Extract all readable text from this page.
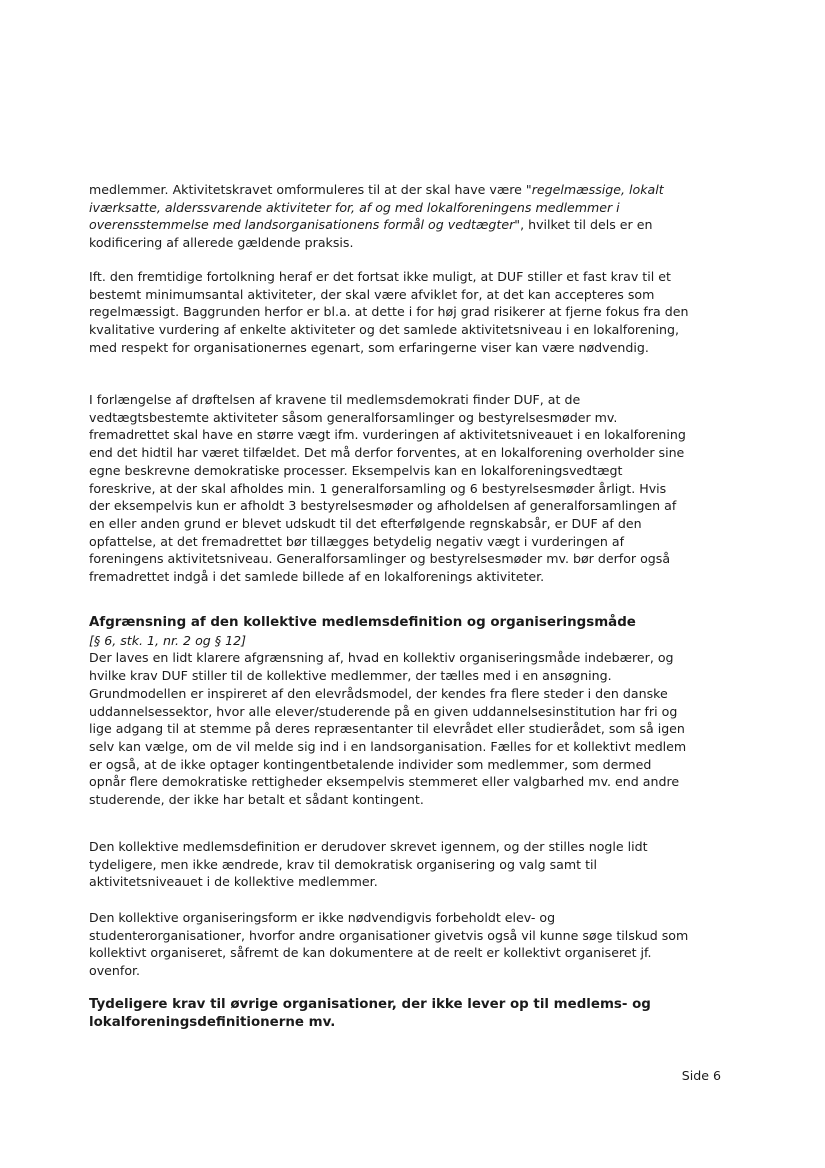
medlemmer. Aktivitetskravet omformuleres til at der skal have være "regelmæssige, lokalt iværksatte, alderssvarende aktiviteter for, af og med lokalforeningens medlemmer i overensstemmelse med landsorganisationens formål og vedtægter", hvilket til dels er en kodificering af allerede gældende praksis.

Ift. den fremtidige fortolkning heraf er det fortsat ikke muligt, at DUF stiller et fast krav til et bestemt minimumsantal aktiviteter, der skal være afviklet for, at det kan accepteres som regelmæssigt. Baggrunden herfor er bl.a. at dette i for høj grad risikerer at fjerne fokus fra den kvalitative vurdering af enkelte aktiviteter og det samlede aktivitetsniveau i en lokalforening, med respekt for organisationernes egenart, som erfaringerne viser kan være nødvendig.

I forlængelse af drøftelsen af kravene til medlemsdemokrati finder DUF, at de vedtægtsbestemte aktiviteter såsom generalforsamlinger og bestyrelsesmøder mv. fremadrettet skal have en større vægt ifm. vurderingen af aktivitetsniveauet i en lokalforening end det hidtil har været tilfældet. Det må derfor forventes, at en lokalforening overholder sine egne beskrevne demokratiske processer. Eksempelvis kan en lokalforeningsvedtægt foreskrive, at der skal afholdes min. 1 generalforsamling og 6 bestyrelsesmøder årligt. Hvis der eksempelvis kun er afholdt 3 bestyrelsesmøder og afholdelsen af generalforsamlingen af en eller anden grund er blevet udskudt til det efterfølgende regnskabsår, er DUF af den opfattelse, at det fremadrettet bør tillægges betydelig negativ vægt i vurderingen af foreningens aktivitetsniveau. Generalforsamlinger og bestyrelsesmøder mv. bør derfor også fremadrettet indgå i det samlede billede af en lokalforenings aktiviteter.

Afgrænsning af den kollektive medlemsdefinition og organiseringsmåde
[§ 6, stk. 1, nr. 2 og § 12]
Der laves en lidt klarere afgrænsning af, hvad en kollektiv organiseringsmåde indebærer, og hvilke krav DUF stiller til de kollektive medlemmer, der tælles med i en ansøgning. Grundmodellen er inspireret af den elevrådsmodel, der kendes fra flere steder i den danske uddannelsessektor, hvor alle elever/studerende på en given uddannelsesinstitution har fri og lige adgang til at stemme på deres repræsentanter til elevrådet eller studierådet, som så igen selv kan vælge, om de vil melde sig ind i en landsorganisation. Fælles for et kollektivt medlem er også, at de ikke optager kontingentbetalende individer som medlemmer, som dermed opnår flere demokratiske rettigheder eksempelvis stemmeret eller valgbarhed mv. end andre studerende, der ikke har betalt et sådant kontingent.

Den kollektive medlemsdefinition er derudover skrevet igennem, og der stilles nogle lidt tydeligere, men ikke ændrede, krav til demokratisk organisering og valg samt til aktivitetsniveauet i de kollektive medlemmer.

Den kollektive organiseringsform er ikke nødvendigvis forbeholdt elev- og studenterorganisationer, hvorfor andre organisationer givetvis også vil kunne søge tilskud som kollektivt organiseret, såfremt de kan dokumentere at de reelt er kollektivt organiseret jf. ovenfor.

Tydeligere krav til øvrige organisationer, der ikke lever op til medlems- og lokalforeningsdefinitionerne mv.
Side 6
